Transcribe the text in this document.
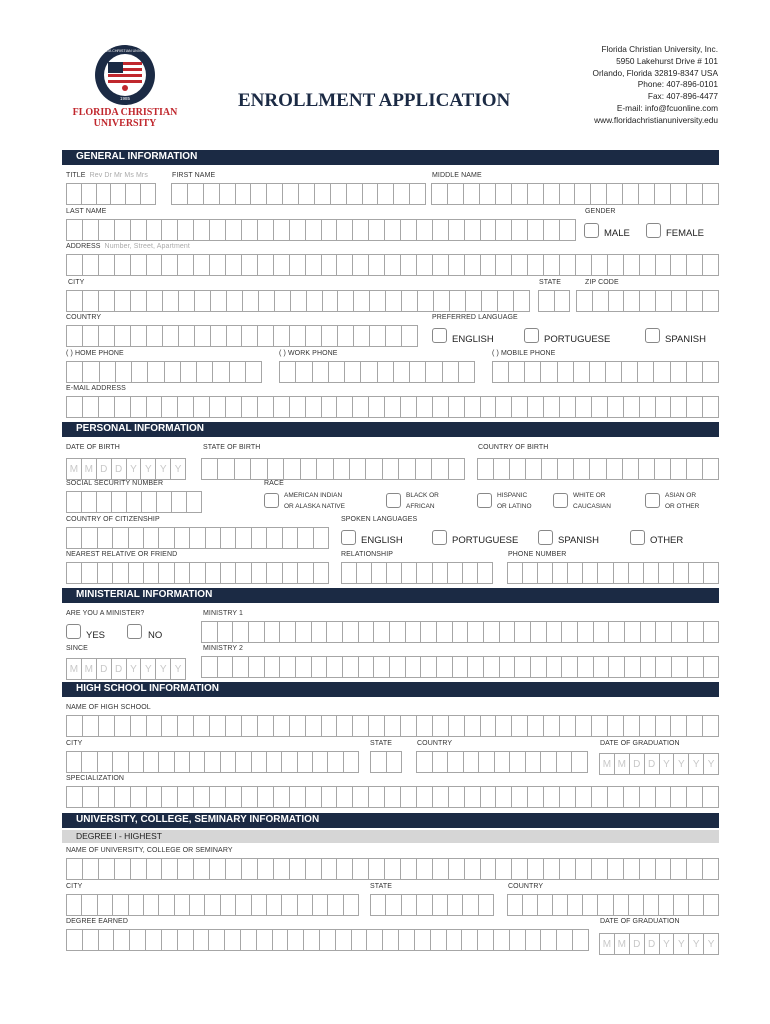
1985
FLORIDA CHRISTIAN UNIVERSITY
FLORIDA CHRISTIAN
UNIVERSITY
ENROLLMENT APPLICATION
Florida Christian University, Inc.
5950 Lakehurst Drive # 101
Orlando, Florida 32819-8347 USA
Phone: 407-896-0101
Fax: 407-896-4477
E-mail: info@fcuonline.com
www.floridachristianuniversity.edu
GENERAL INFORMATION
TITLE Rev Dr Mr Ms Mrs	FIRST NAME	MIDDLE NAME
LAST NAME	GENDER
MALE	FEMALE
ADDRESS Number, Street, Apartment
CITY	STATE	ZIP CODE
COUNTRY	PREFERRED LANGUAGE
ENGLISH	PORTUGUESE	SPANISH
( ) HOME PHONE	( ) WORK PHONE	( ) MOBILE PHONE
E-MAIL ADDRESS
PERSONAL INFORMATION
DATE OF BIRTH	STATE OF BIRTH	COUNTRY OF BIRTH
M M D D Y Y Y Y
SOCIAL SECURITY NUMBER	RACE
AMERICAN INDIAN
OR ALASKA NATIVE
BLACK OR
AFRICAN
HISPANIC
OR LATINO
WHITE OR
CAUCASIAN
ASIAN OR
OR OTHER
COUNTRY OF CITIZENSHIP	SPOKEN LANGUAGES
ENGLISH	PORTUGUESE	SPANISH	OTHER
NEAREST RELATIVE OR FRIEND	RELATIONSHIP	PHONE NUMBER
MINISTERIAL INFORMATION
ARE YOU A MINISTER?	MINISTRY 1
YES	NO
SINCE	MINISTRY 2
M M D D Y Y Y Y
HIGH SCHOOL INFORMATION
NAME OF HIGH SCHOOL
CITY	STATE	COUNTRY	DATE OF GRADUATION
M M D D Y Y Y Y
SPECIALIZATION
UNIVERSITY, COLLEGE, SEMINARY INFORMATION
DEGREE I - HIGHEST
NAME OF UNIVERSITY, COLLEGE OR SEMINARY
CITY	STATE	COUNTRY
DEGREE EARNED	DATE OF GRADUATION
M M D D Y Y Y Y
